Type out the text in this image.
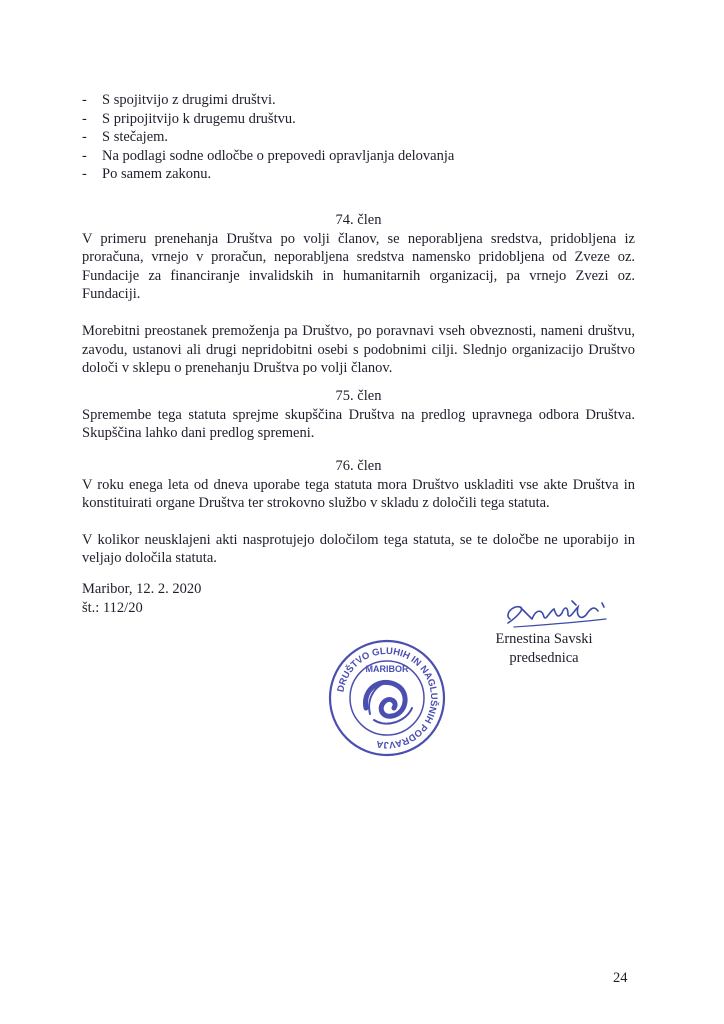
-	S spojitvijo z drugimi društvi.
-	S pripojitvijo k drugemu društvu.
-	S stečajem.
-	Na podlagi sodne odločbe o prepovedi opravljanja delovanja
-	Po samem zakonu.

74. člen

V primeru prenehanja Društva po volji članov, se neporabljena sredstva, pridobljena iz proračuna, vrnejo v proračun, neporabljena sredstva namensko pridobljena od Zveze oz. Fundacije za financiranje invalidskih in humanitarnih organizacij, pa vrnejo Zvezi oz. Fundaciji.

Morebitni preostanek premoženja pa Društvo, po poravnavi vseh obveznosti, nameni društvu, zavodu, ustanovi ali drugi nepridobitni osebi s podobnimi cilji. Slednjo organizacijo Društvo določi v sklepu o prenehanju Društva po volji članov.

75. člen

Spremembe tega statuta sprejme skupščina Društva na predlog upravnega odbora Društva. Skupščina lahko dani predlog spremeni.

76. člen

V roku enega leta od dneva uporabe tega statuta mora Društvo uskladiti vse akte Društva in konstituirati organe Društva ter strokovno službo v skladu z določili tega statuta.

V kolikor neusklajeni akti nasprotujejo določilom tega statuta, se te določbe ne uporabijo in veljajo določila statuta.

Maribor, 12. 2. 2020
št.: 112/20
Ernestina Savski
predsednica
DRUŠTVO GLUHIH IN NAGLUŠNIH PODRAVJA
MARIBOR
24
